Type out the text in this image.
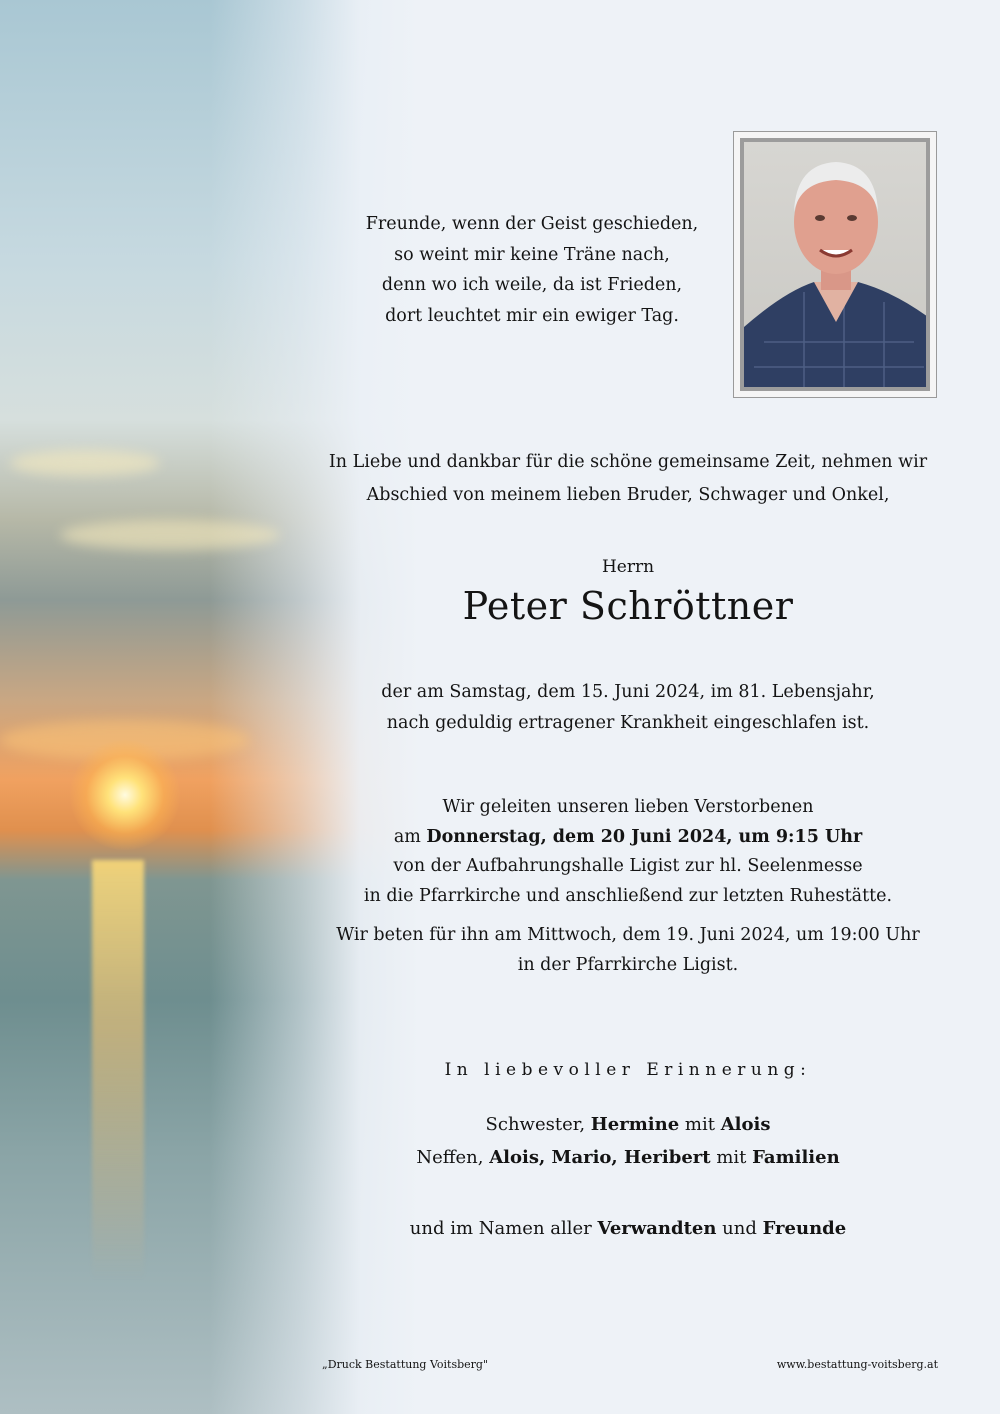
Freunde, wenn der Geist geschieden,
so weint mir keine Träne nach,
denn wo ich weile, da ist Frieden,
dort leuchtet mir ein ewiger Tag.
In Liebe und dankbar für die schöne gemeinsame Zeit, nehmen wir
Abschied von meinem lieben Bruder, Schwager und Onkel,
Herrn
Peter Schröttner
der am Samstag, dem 15. Juni 2024, im 81. Lebensjahr,
nach geduldig ertragener Krankheit eingeschlafen ist.
Wir geleiten unseren lieben Verstorbenen
am Donnerstag, dem 20 Juni 2024, um 9:15 Uhr
von der Aufbahrungshalle Ligist zur hl. Seelenmesse
in die Pfarrkirche und anschließend zur letzten Ruhestätte.
Wir beten für ihn am Mittwoch, dem 19. Juni 2024, um 19:00 Uhr
in der Pfarrkirche Ligist.
In liebevoller Erinnerung:
Schwester, Hermine mit Alois
Neffen, Alois, Mario, Heribert mit Familien
und im Namen aller Verwandten und Freunde
„Druck Bestattung Voitsberg"	www.bestattung-voitsberg.at
